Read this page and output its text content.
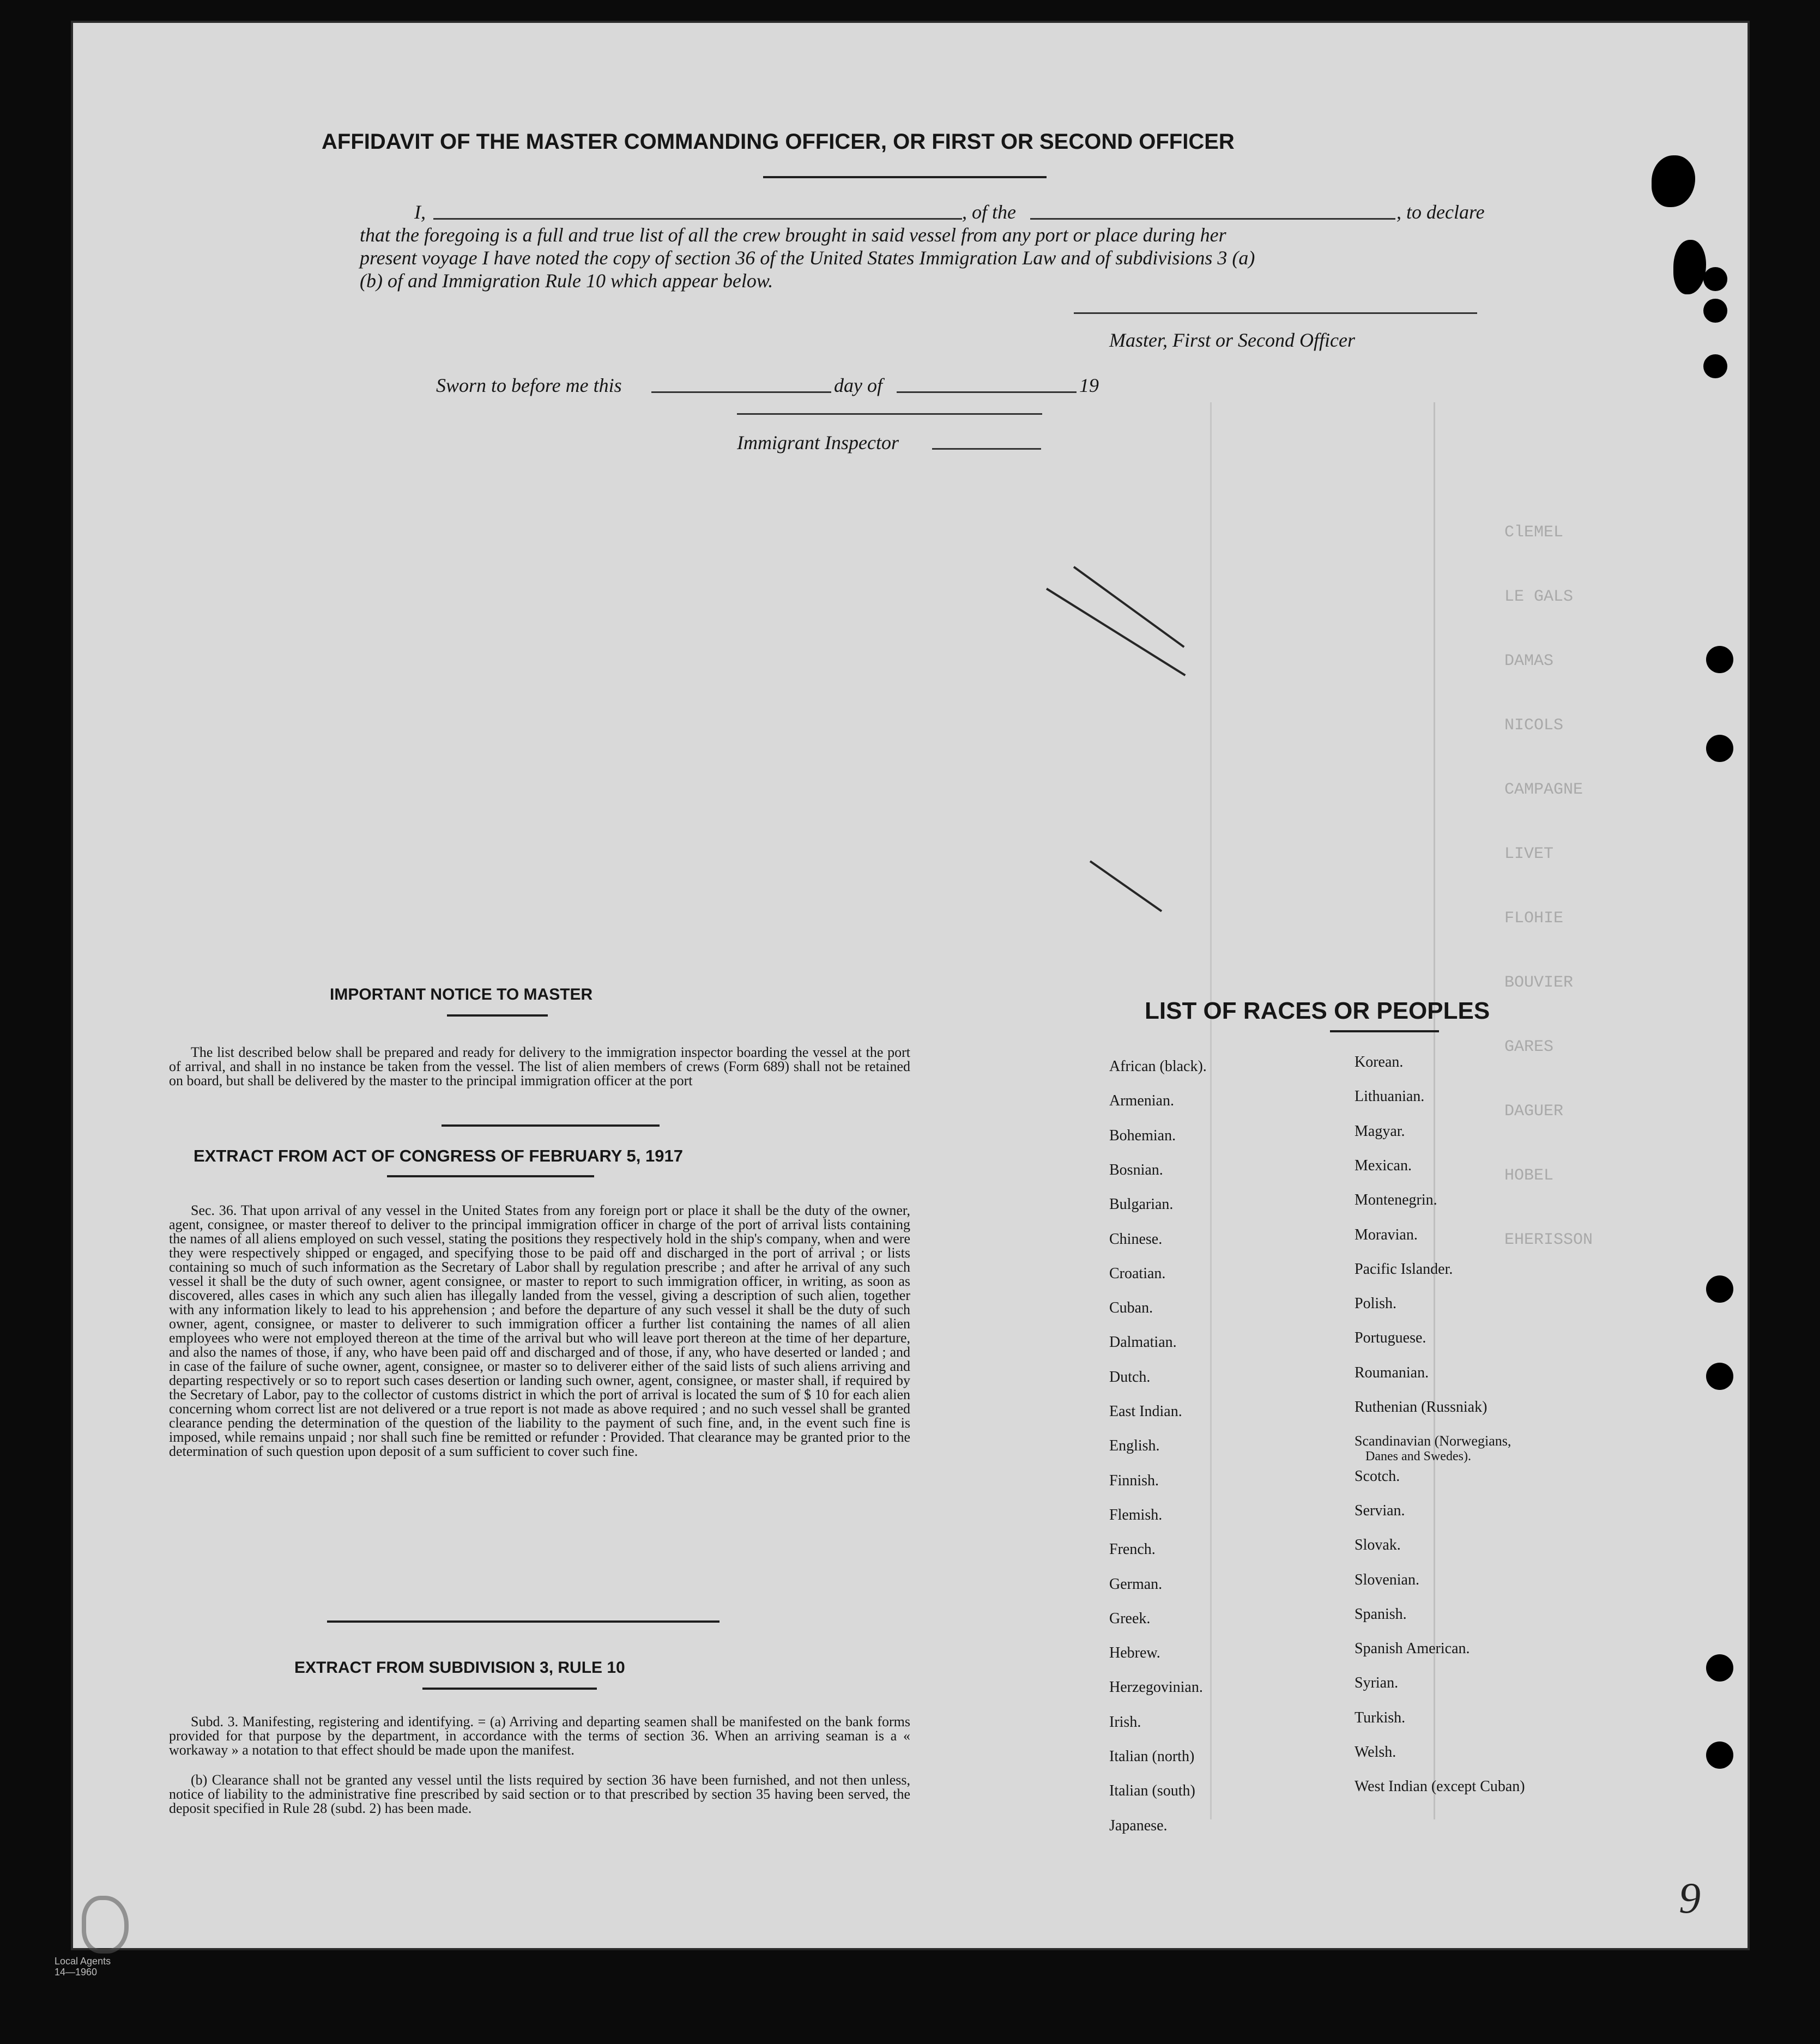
ClEMEL
LE GALS
DAMAS
NICOLS
CAMPAGNE
LIVET
FLOHIE
BOUVIER
GARES
DAGUER
HOBEL
EHERISSON
AFFIDAVIT OF THE MASTER COMMANDING OFFICER, OR FIRST OR SECOND OFFICER
I,	, of the	, to declare
that the foregoing is a full and true list of all the crew brought in said vessel from any port or place during her
present voyage I have noted the copy of section 36 of the United States Immigration Law and of subdivisions 3 (a)
(b) of and Immigration Rule 10 which appear below.
Master, First or Second Officer
Sworn to before me this	day of	19
Immigrant Inspector
IMPORTANT NOTICE TO MASTER
The list described below shall be prepared and ready for delivery to the immigration inspector boarding the vessel at the port of arrival, and shall in no instance be taken from the vessel. The list of alien members of crews (Form 689) shall not be retained on board, but shall be delivered by the master to the principal immigration officer at the port
EXTRACT FROM ACT OF CONGRESS OF FEBRUARY 5, 1917
Sec. 36. That upon arrival of any vessel in the United States from any foreign port or place it shall be the duty of the owner, agent, consignee, or master thereof to deliver to the principal immigration officer in charge of the port of arrival lists containing the names of all aliens employed on such vessel, stating the positions they respectively hold in the ship's company, when and were they were respectively shipped or engaged, and specifying those to be paid off and discharged in the port of arrival ; or lists containing so much of such information as the Secretary of Labor shall by regulation prescribe ; and after he arrival of any such vessel it shall be the duty of such owner, agent consignee, or master to report to such immigration officer, in writing, as soon as discovered, alles cases in which any such alien has illegally landed from the vessel, giving a description of such alien, together with any information likely to lead to his apprehension ; and before the departure of any such vessel it shall be the duty of such owner, agent, consignee, or master to deliverer to such immigration officer a further list containing the names of all alien employees who were not employed thereon at the time of the arrival but who will leave port thereon at the time of her departure, and also the names of those, if any, who have been paid off and discharged and of those, if any, who have deserted or landed ; and in case of the failure of suche owner, agent, consignee, or master so to deliverer either of the said lists of such aliens arriving and departing respectively or so to report such cases desertion or landing such owner, agent, consignee, or master shall, if required by the Secretary of Labor, pay to the collector of customs district in which the port of arrival is located the sum of $ 10 for each alien concerning whom correct list are not delivered or a true report is not made as above required ; and no such vessel shall be granted clearance pending the determination of the question of the liability to the payment of such fine, and, in the event such fine is imposed, while remains unpaid ; nor shall such fine be remitted or refunder : Provided. That clearance may be granted prior to the determination of such question upon deposit of a sum sufficient to cover such fine.
EXTRACT FROM SUBDIVISION 3, RULE 10
Subd. 3. Manifesting, registering and identifying. = (a) Arriving and departing seamen shall be manifested on the bank forms provided for that purpose by the department, in accordance with the terms of section 36. When an arriving seaman is a « workaway » a notation to that effect should be made upon the manifest.
(b) Clearance shall not be granted any vessel until the lists required by section 36 have been furnished, and not then unless, notice of liability to the administrative fine prescribed by said section or to that prescribed by section 35 having been served, the deposit specified in Rule 28 (subd. 2) has been made.
LIST OF RACES OR PEOPLES
African (black).
Armenian.
Bohemian.
Bosnian.
Bulgarian.
Chinese.
Croatian.
Cuban.
Dalmatian.
Dutch.
East Indian.
English.
Finnish.
Flemish.
French.
German.
Greek.
Hebrew.
Herzegovinian.
Irish.
Italian (north)
Italian (south)
Japanese.
Korean.
Lithuanian.
Magyar.
Mexican.
Montenegrin.
Moravian.
Pacific Islander.
Polish.
Portuguese.
Roumanian.
Ruthenian (Russniak)
Scandinavian (Norwegians,
Danes and Swedes).
Scotch.
Servian.
Slovak.
Slovenian.
Spanish.
Spanish American.
Syrian.
Turkish.
Welsh.
West Indian (except Cuban)
9
Local Agents
14—1960
